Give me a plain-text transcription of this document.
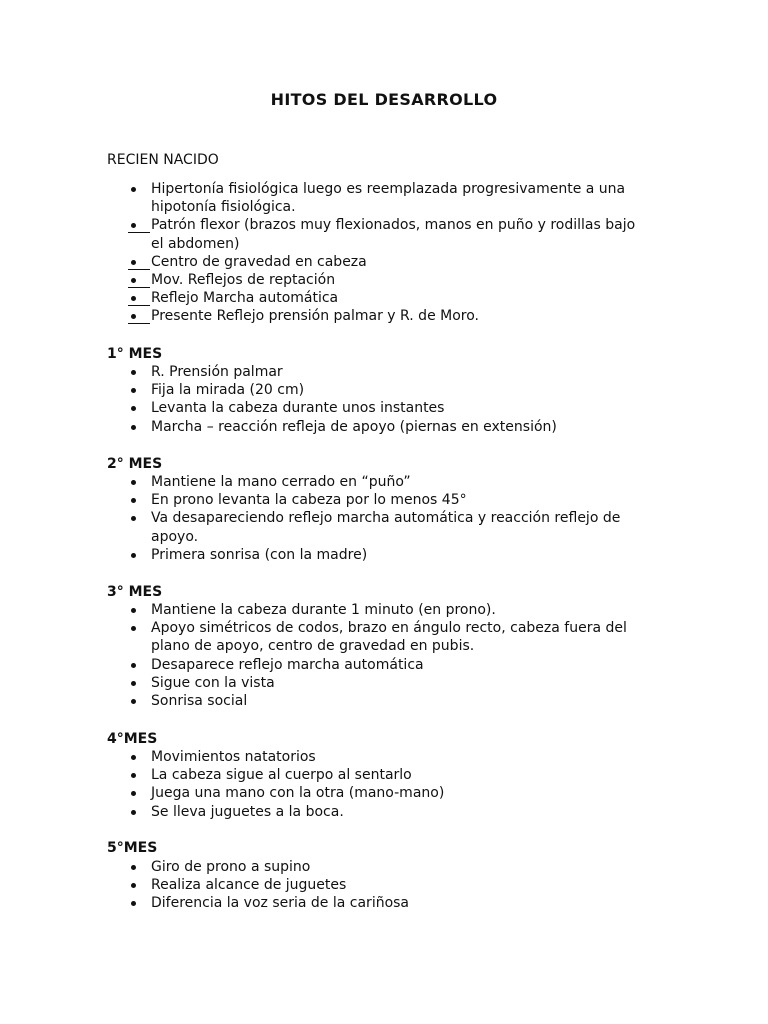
HITOS DEL DESARROLLO
RECIEN NACIDO
Hipertonía fisiológica luego es reemplazada progresivamente a una hipotonía fisiológica.
Patrón flexor (brazos muy flexionados, manos en puño y rodillas bajo el abdomen)
Centro de gravedad en cabeza
Mov. Reflejos de reptación
Reflejo Marcha automática
Presente Reflejo prensión palmar y R. de Moro.
1° MES
R. Prensión palmar
Fija la mirada (20 cm)
Levanta la cabeza durante unos instantes
Marcha – reacción refleja de apoyo (piernas en extensión)
2° MES
Mantiene la mano cerrado en “puño”
En prono levanta la cabeza por lo menos 45°
Va desapareciendo reflejo marcha automática y reacción reflejo de apoyo.
Primera sonrisa (con la madre)
3° MES
Mantiene la cabeza durante 1 minuto (en prono).
Apoyo simétricos de codos, brazo en ángulo recto, cabeza fuera del plano de apoyo, centro de gravedad en pubis.
Desaparece reflejo marcha automática
Sigue con la vista
Sonrisa social
4°MES
Movimientos natatorios
La cabeza sigue al cuerpo al sentarlo
Juega una mano con la otra (mano-mano)
Se lleva juguetes a la boca.
5°MES
Giro de prono a supino
Realiza alcance de juguetes
Diferencia la voz seria de la cariñosa
